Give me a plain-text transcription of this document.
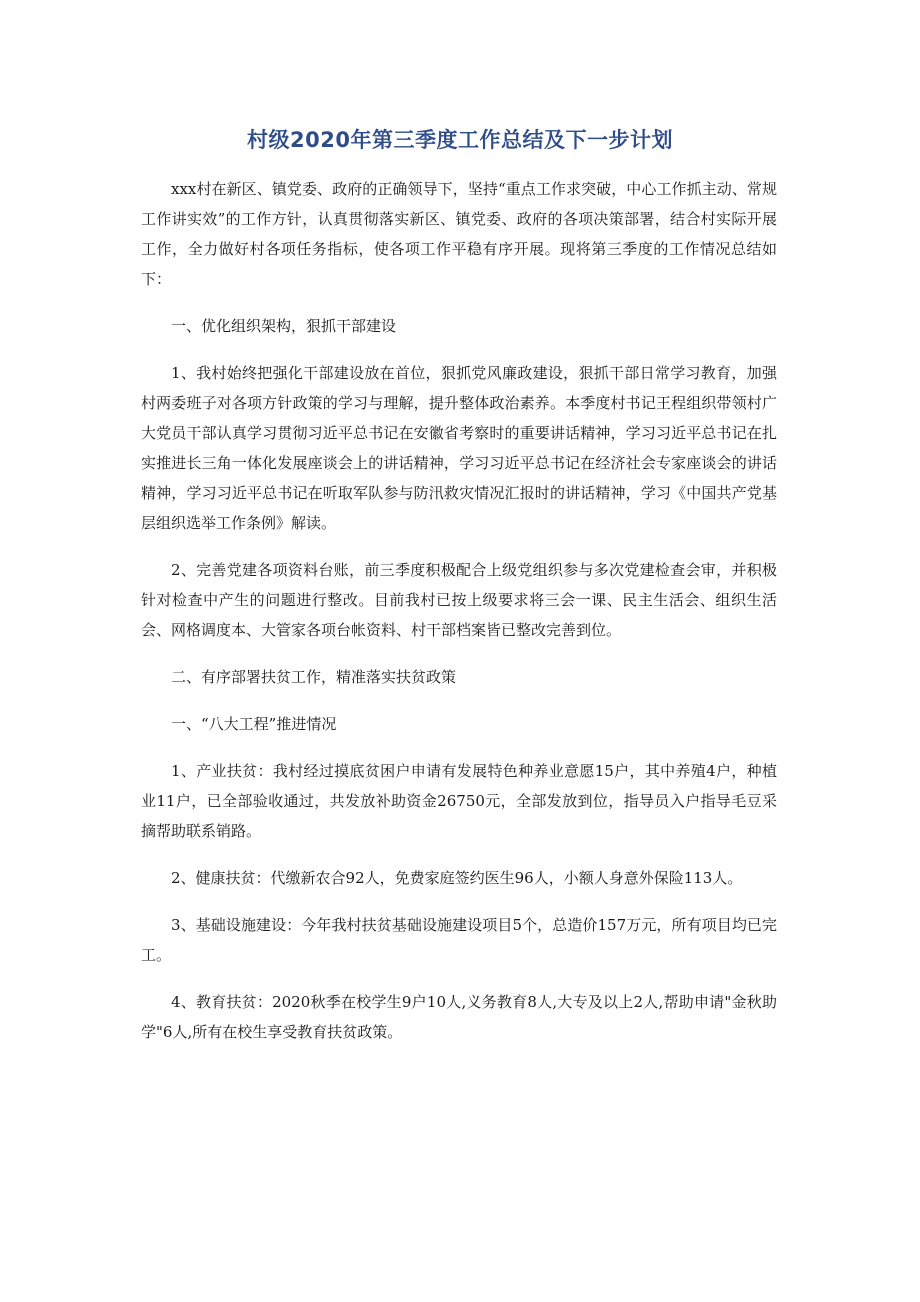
村级2020年第三季度工作总结及下一步计划

xxx村在新区、镇党委、政府的正确领导下，坚持“重点工作求突破，中心工作抓主动、常规工作讲实效”的工作方针，认真贯彻落实新区、镇党委、政府的各项决策部署，结合村实际开展工作，全力做好村各项任务指标，使各项工作平稳有序开展。现将第三季度的工作情况总结如下：

一、优化组织架构，狠抓干部建设

1、我村始终把强化干部建设放在首位，狠抓党风廉政建设，狠抓干部日常学习教育，加强村两委班子对各项方针政策的学习与理解，提升整体政治素养。本季度村书记王程组织带领村广大党员干部认真学习贯彻习近平总书记在安徽省考察时的重要讲话精神，学习习近平总书记在扎实推进长三角一体化发展座谈会上的讲话精神，学习习近平总书记在经济社会专家座谈会的讲话精神，学习习近平总书记在听取军队参与防汛救灾情况汇报时的讲话精神，学习《中国共产党基层组织选举工作条例》解读。

2、完善党建各项资料台账，前三季度积极配合上级党组织参与多次党建检查会审，并积极针对检查中产生的问题进行整改。目前我村已按上级要求将三会一课、民主生活会、组织生活会、网格调度本、大管家各项台帐资料、村干部档案皆已整改完善到位。

二、有序部署扶贫工作，精准落实扶贫政策

一、“八大工程”推进情况

1、产业扶贫：我村经过摸底贫困户申请有发展特色种养业意愿15户，其中养殖4户，种植业11户，已全部验收通过，共发放补助资金26750元，全部发放到位，指导员入户指导毛豆采摘帮助联系销路。

2、健康扶贫：代缴新农合92人，免费家庭签约医生96人，小额人身意外保险113人。

3、基础设施建设：今年我村扶贫基础设施建设项目5个，总造价157万元，所有项目均已完工。

4、教育扶贫：2020秋季在校学生9户10人,义务教育8人,大专及以上2人,帮助申请"金秋助学"6人,所有在校生享受教育扶贫政策。
